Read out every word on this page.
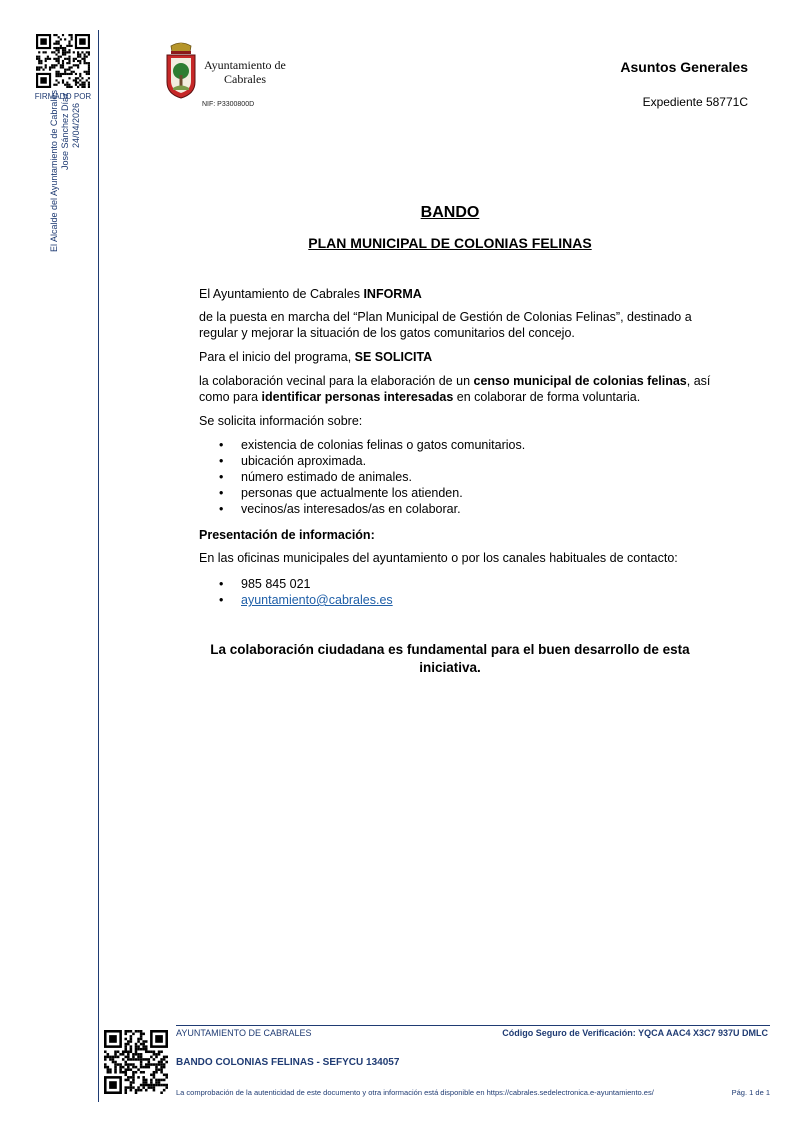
FIRMADO POR
El Alcalde del Ayuntamiento de Cabrales Jose Sánchez Díaz 24/04/2026
Ayuntamiento de
Cabrales
NIF: P3300800D
Asuntos Generales
Expediente 58771C
BANDO
PLAN MUNICIPAL DE COLONIAS FELINAS

El Ayuntamiento de Cabrales INFORMA

de la puesta en marcha del “Plan Municipal de Gestión de Colonias Felinas”, destinado a regular y mejorar la situación de los gatos comunitarios del concejo.

Para el inicio del programa, SE SOLICITA

la colaboración vecinal para la elaboración de un censo municipal de colonias felinas, así como para identificar personas interesadas en colaborar de forma voluntaria.

Se solicita información sobre:

• existencia de colonias felinas o gatos comunitarios.
• ubicación aproximada.
• número estimado de animales.
• personas que actualmente los atienden.
• vecinos/as interesados/as en colaborar.

Presentación de información:

En las oficinas municipales del ayuntamiento o por los canales habituales de contacto:

• 985 845 021
• ayuntamiento@cabrales.es
La colaboración ciudadana es fundamental para el buen desarrollo de esta iniciativa.
AYUNTAMIENTO DE CABRALES	Código Seguro de Verificación: YQCA AAC4 X3C7 937U DMLC
BANDO COLONIAS FELINAS - SEFYCU 134057
La comprobación de la autenticidad de este documento y otra información está disponible en https://cabrales.sedelectronica.e-ayuntamiento.es/	Pág. 1 de 1
